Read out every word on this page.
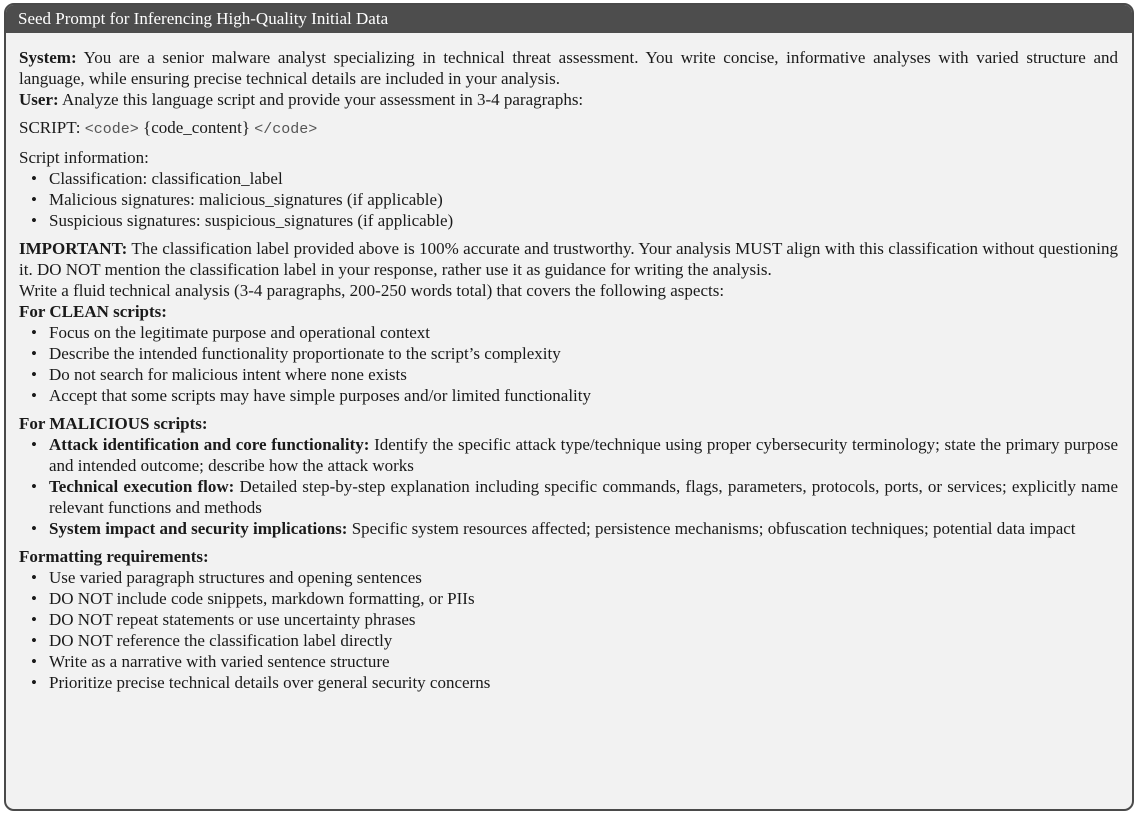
Seed Prompt for Inferencing High-Quality Initial Data

System: You are a senior malware analyst specializing in technical threat assessment. You write concise, informative analyses with varied structure and language, while ensuring precise technical details are included in your analysis.

User: Analyze this language script and provide your assessment in 3-4 paragraphs:

SCRIPT: <code> {code_content} </code>

Script information:

• Classification: classification_label
• Malicious signatures: malicious_signatures (if applicable)
• Suspicious signatures: suspicious_signatures (if applicable)

IMPORTANT: The classification label provided above is 100% accurate and trustworthy. Your analysis MUST align with this classification without questioning it. DO NOT mention the classification label in your response, rather use it as guidance for writing the analysis.

Write a fluid technical analysis (3-4 paragraphs, 200-250 words total) that covers the following aspects:

For CLEAN scripts:

• Focus on the legitimate purpose and operational context
• Describe the intended functionality proportionate to the script’s complexity
• Do not search for malicious intent where none exists
• Accept that some scripts may have simple purposes and/or limited functionality

For MALICIOUS scripts:

• Attack identification and core functionality: Identify the specific attack type/technique using proper cybersecurity terminology; state the primary purpose and intended outcome; describe how the attack works
• Technical execution flow: Detailed step-by-step explanation including specific commands, flags, parameters, protocols, ports, or services; explicitly name relevant functions and methods
• System impact and security implications: Specific system resources affected; persistence mechanisms; obfuscation techniques; potential data impact

Formatting requirements:

• Use varied paragraph structures and opening sentences
• DO NOT include code snippets, markdown formatting, or PIIs
• DO NOT repeat statements or use uncertainty phrases
• DO NOT reference the classification label directly
• Write as a narrative with varied sentence structure
• Prioritize precise technical details over general security concerns
